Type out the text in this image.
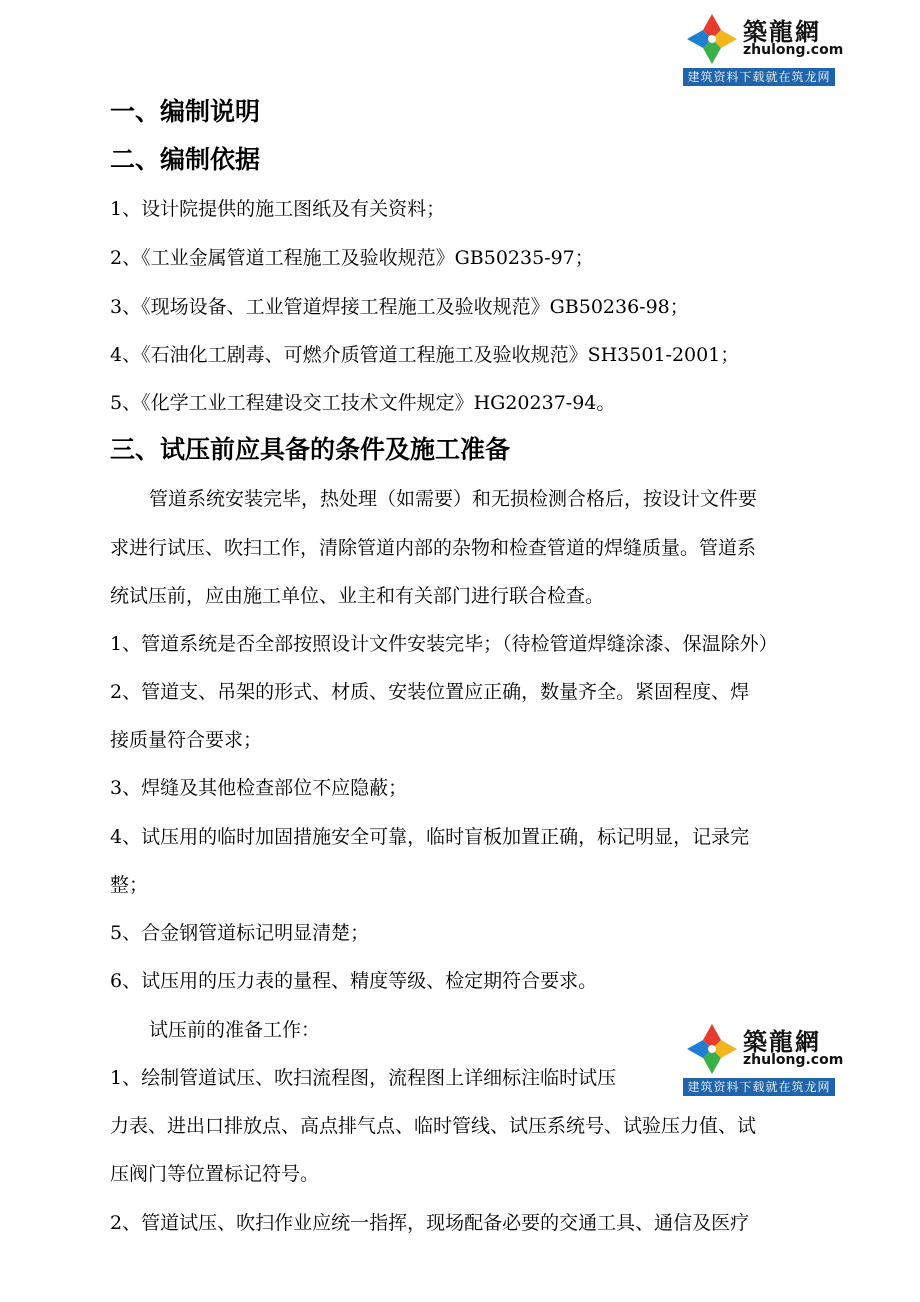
築龍網
zhulong.com
建筑资料下载就在筑龙网
一、编制说明
二、编制依据
1、设计院提供的施工图纸及有关资料；
2、《工业金属管道工程施工及验收规范》GB50235-97；
3、《现场设备、工业管道焊接工程施工及验收规范》GB50236-98；
4、《石油化工剧毒、可燃介质管道工程施工及验收规范》SH3501-2001；
5、《化学工业工程建设交工技术文件规定》HG20237-94。
三、试压前应具备的条件及施工准备
管道系统安装完毕，热处理（如需要）和无损检测合格后，按设计文件要
求进行试压、吹扫工作，清除管道内部的杂物和检查管道的焊缝质量。管道系
统试压前，应由施工单位、业主和有关部门进行联合检查。
1、管道系统是否全部按照设计文件安装完毕；（待检管道焊缝涂漆、保温除外）
2、管道支、吊架的形式、材质、安装位置应正确，数量齐全。紧固程度、焊
接质量符合要求；
3、焊缝及其他检查部位不应隐蔽；
4、试压用的临时加固措施安全可靠，临时盲板加置正确，标记明显，记录完
整；
5、合金钢管道标记明显清楚；
6、试压用的压力表的量程、精度等级、检定期符合要求。
试压前的准备工作：
1、绘制管道试压、吹扫流程图，流程图上详细标注临时试压
力表、进出口排放点、高点排气点、临时管线、试压系统号、试验压力值、试
压阀门等位置标记符号。
2、管道试压、吹扫作业应统一指挥，现场配备必要的交通工具、通信及医疗
築龍網
zhulong.com
建筑资料下载就在筑龙网
